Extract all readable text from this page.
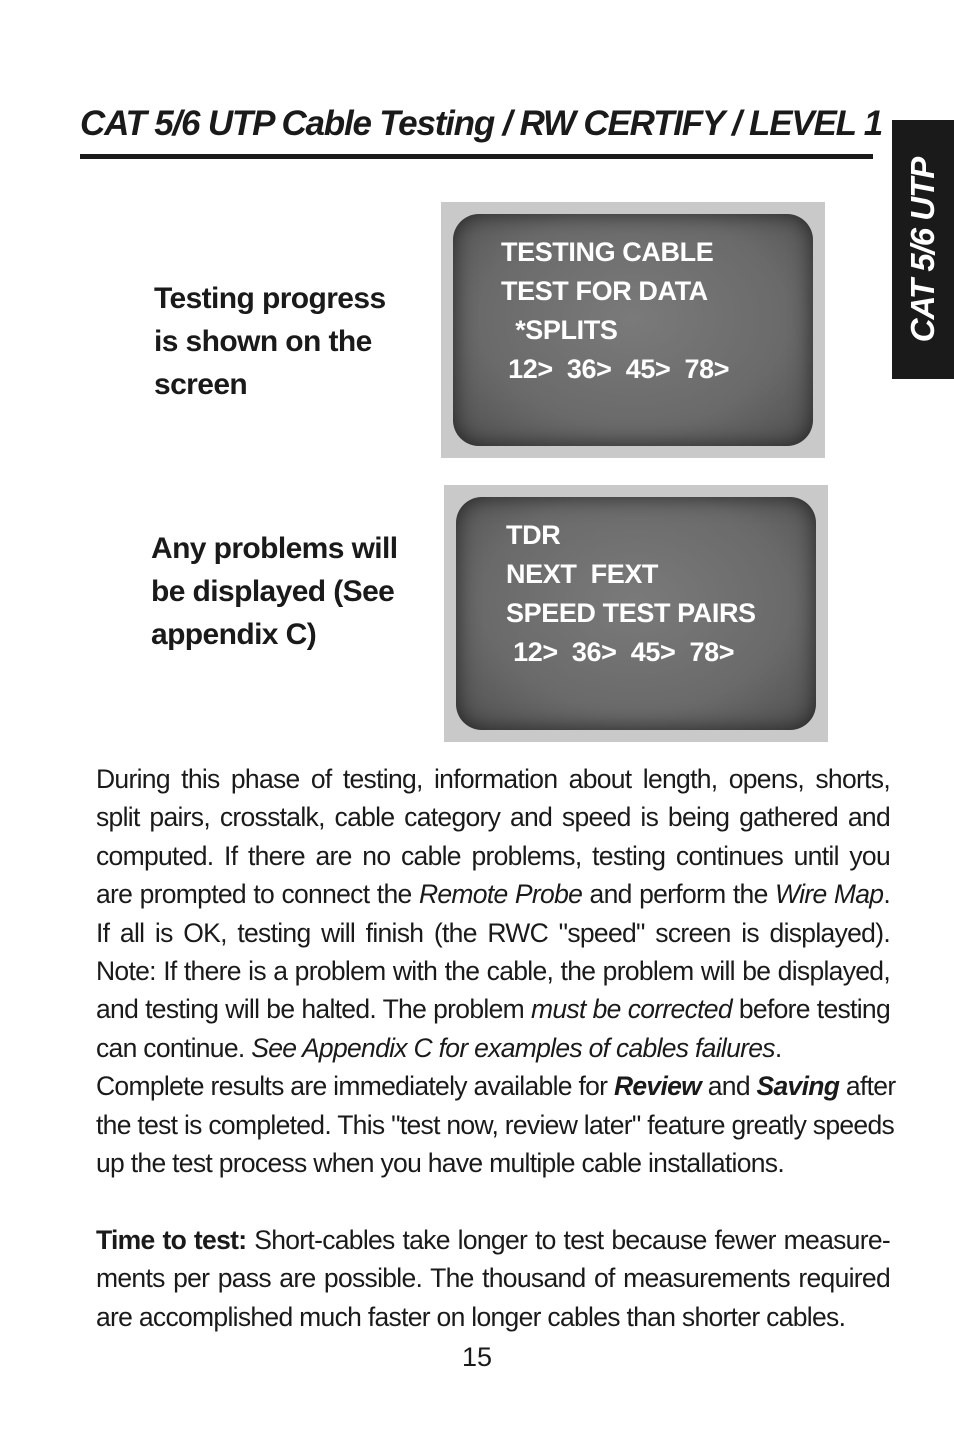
CAT 5/6 UTP Cable Testing / RW CERTIFY / LEVEL 1
CAT 5/6 UTP

Testing progress
is shown on the
screen

TESTING CABLE
TEST FOR DATA
*SPLITS
12>  36>  45>  78>

Any problems will
be displayed (See
appendix C)

TDR
NEXT  FEXT
SPEED TEST PAIRS
12>  36>  45>  78>
During this phase of testing, information about length, opens, shorts,
split pairs, crosstalk, cable category and speed is being gathered and
computed. If there are no cable problems, testing continues until you
are prompted to connect the Remote Probe and perform the Wire Map.
If all is OK, testing will finish (the RWC "speed" screen is displayed).
Note: If there is a problem with the cable, the problem will be displayed,
and testing will be halted. The problem must be corrected before testing
can continue. See Appendix C for examples of cables failures.
Complete results are immediately available for Review and Saving after
the test is completed. This "test now, review later" feature greatly speeds
up the test process when you have multiple cable installations.
Time to test: Short-cables take longer to test because fewer measure-
ments per pass are possible. The thousand of measurements required
are accomplished much faster on longer cables than shorter cables.
15
